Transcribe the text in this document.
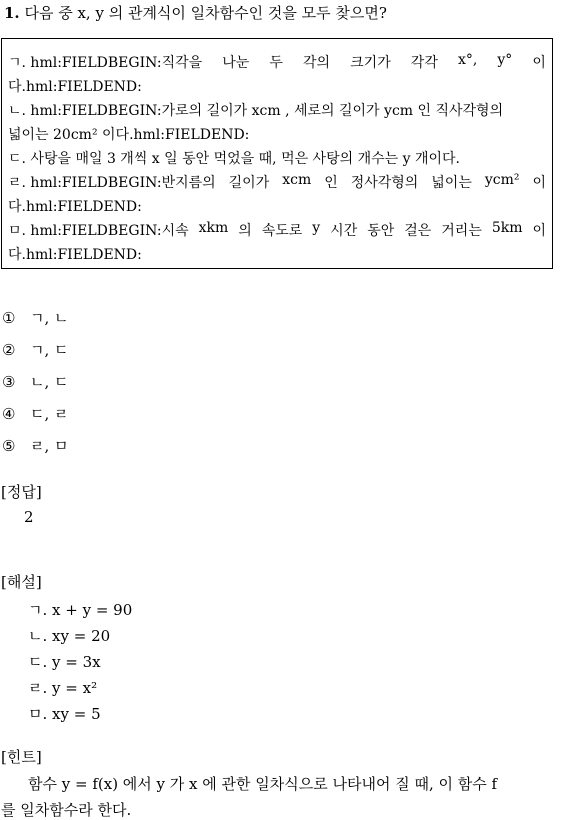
1. 다음 중 x, y 의 관계식이 일차함수인 것을 모두 찾으면?
ㄱ. hml:FIELDBEGIN:직각을 나눈 두 각의 크기가 각각 x°, y° 이
다.hml:FIELDEND:
ㄴ. hml:FIELDBEGIN:가로의 길이가 xcm , 세로의 길이가 ycm 인 직사각형의
넓이는 20cm² 이다.hml:FIELDEND:
ㄷ. 사탕을 매일 3 개씩 x 일 동안 먹었을 때, 먹은 사탕의 개수는 y 개이다.
ㄹ. hml:FIELDBEGIN:반지름의 길이가 xcm 인 정사각형의 넓이는 ycm² 이
다.hml:FIELDEND:
ㅁ. hml:FIELDBEGIN:시속 xkm 의 속도로 y 시간 동안 걸은 거리는 5km 이
다.hml:FIELDEND:
① ㄱ, ㄴ
② ㄱ, ㄷ
③ ㄴ, ㄷ
④ ㄷ, ㄹ
⑤ ㄹ, ㅁ
[정답]
2
[해설]
ㄱ. x + y = 90
ㄴ. xy = 20
ㄷ. y = 3x
ㄹ. y = x²
ㅁ. xy = 5
[힌트]
함수 y = f(x) 에서 y 가 x 에 관한 일차식으로 나타내어 질 때, 이 함수 f
를 일차함수라 한다.
